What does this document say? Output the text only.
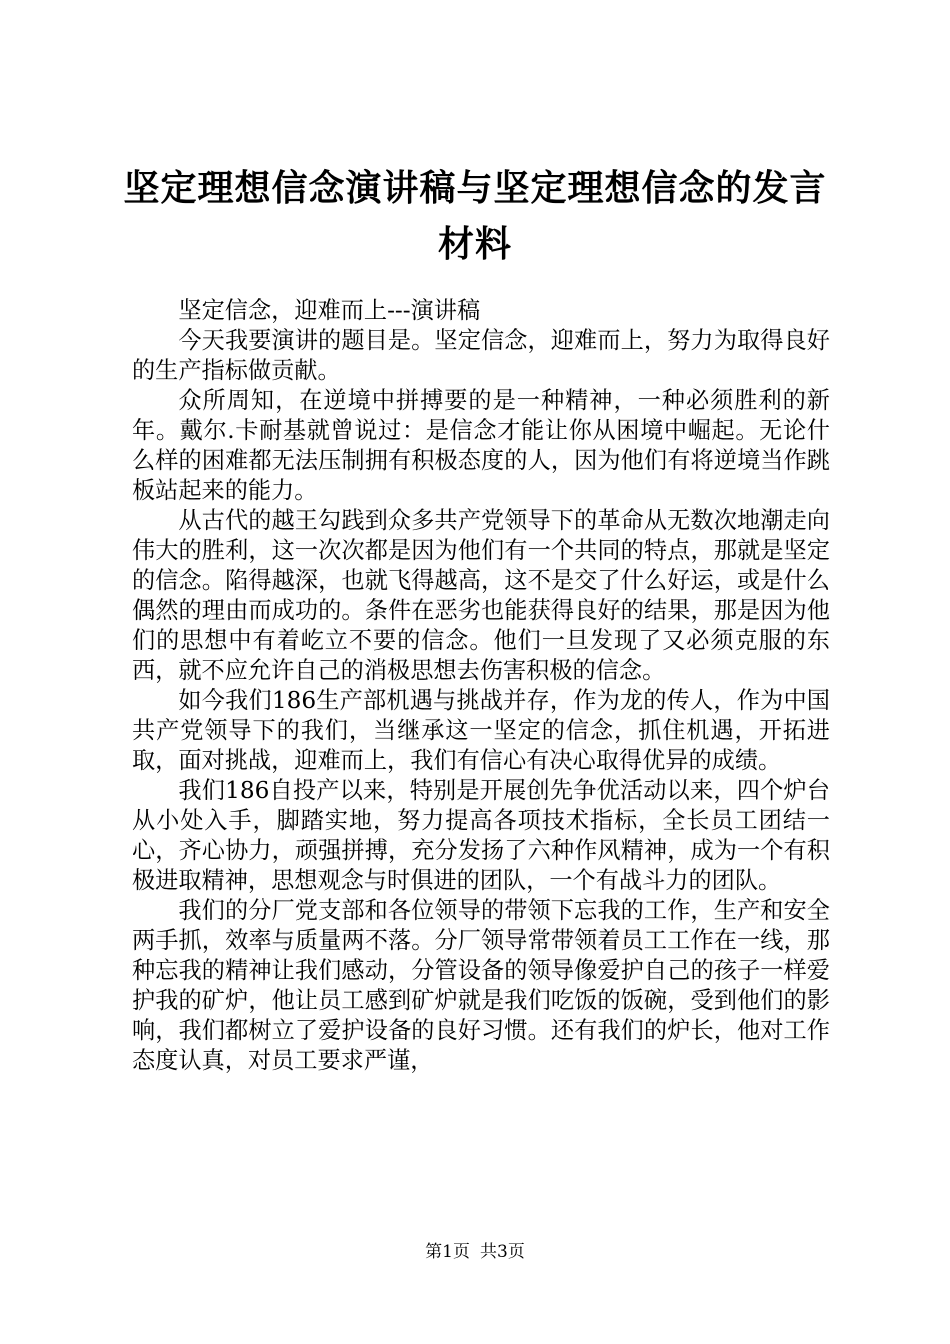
坚定理想信念演讲稿与坚定理想信念的发言材料

坚定信念，迎难而上---演讲稿

今天我要演讲的题目是。坚定信念，迎难而上，努力为取得良好的生产指标做贡献。

众所周知，在逆境中拼搏要的是一种精神，一种必须胜利的新年。戴尔.卡耐基就曾说过：是信念才能让你从困境中崛起。无论什么样的困难都无法压制拥有积极态度的人，因为他们有将逆境当作跳板站起来的能力。

从古代的越王勾践到众多共产党领导下的革命从无数次地潮走向伟大的胜利，这一次次都是因为他们有一个共同的特点，那就是坚定的信念。陷得越深，也就飞得越高，这不是交了什么好运，或是什么偶然的理由而成功的。条件在恶劣也能获得良好的结果，那是因为他们的思想中有着屹立不要的信念。他们一旦发现了又必须克服的东西，就不应允许自己的消极思想去伤害积极的信念。

如今我们186生产部机遇与挑战并存，作为龙的传人，作为中国共产党领导下的我们，当继承这一坚定的信念，抓住机遇，开拓进取，面对挑战，迎难而上，我们有信心有决心取得优异的成绩。

我们186自投产以来，特别是开展创先争优活动以来，四个炉台从小处入手，脚踏实地，努力提高各项技术指标，全长员工团结一心，齐心协力，顽强拼搏，充分发扬了六种作风精神，成为一个有积极进取精神，思想观念与时俱进的团队，一个有战斗力的团队。

我们的分厂党支部和各位领导的带领下忘我的工作，生产和安全两手抓，效率与质量两不落。分厂领导常带领着员工工作在一线，那种忘我的精神让我们感动，分管设备的领导像爱护自己的孩子一样爱护我的矿炉，他让员工感到矿炉就是我们吃饭的饭碗，受到他们的影响，我们都树立了爱护设备的良好习惯。还有我们的炉长，他对工作态度认真，对员工要求严谨，

第1页 共3页
